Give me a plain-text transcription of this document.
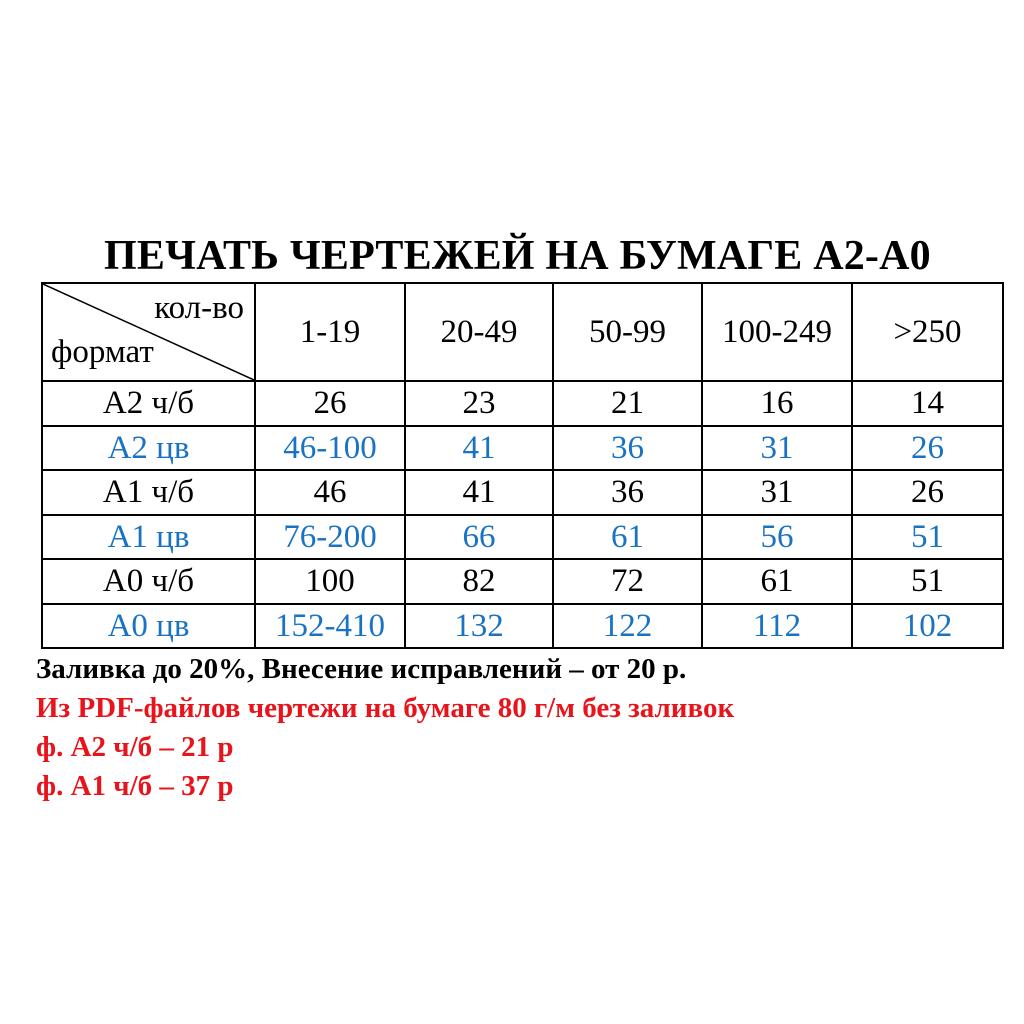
ПЕЧАТЬ ЧЕРТЕЖЕЙ НА БУМАГЕ А2-А0
кол-во
формат	1-19	20-49	50-99	100-249	>250
А2 ч/б	26	23	21	16	14
А2 цв	46-100	41	36	31	26
А1 ч/б	46	41	36	31	26
А1 цв	76-200	66	61	56	51
А0 ч/б	100	82	72	61	51
А0 цв	152-410	132	122	112	102
Заливка до 20%, Внесение исправлений – от 20 р.
Из PDF-файлов чертежи на бумаге 80 г/м без заливок
ф. А2 ч/б – 21 р
ф. А1 ч/б – 37 р
